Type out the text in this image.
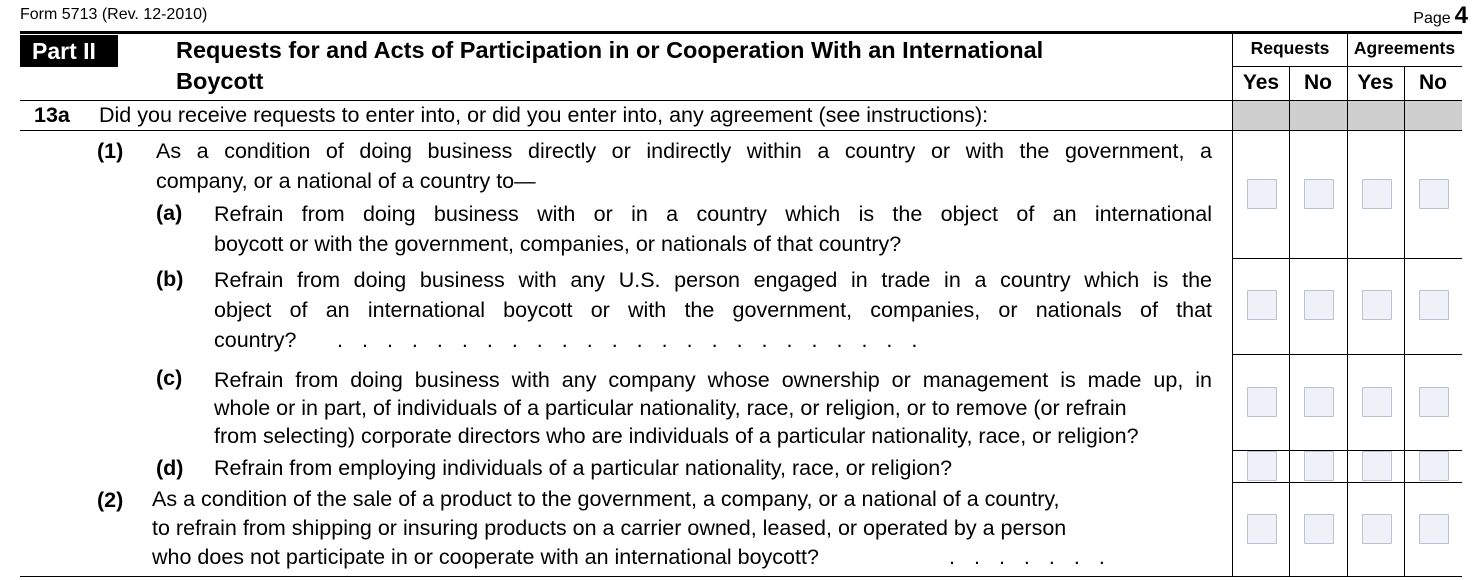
Form 5713 (Rev. 12-2010)	Page 4
Part II	Requests for and Acts of Participation in or Cooperation With an International
Boycott
Requests	Agreements
Yes	No	Yes	No
13a Did you receive requests to enter into, or did you enter into, any agreement (see instructions):
(1) As a condition of doing business directly or indirectly within a country or with the government, a
company, or a national of a country to—
(a) Refrain from doing business with or in a country which is the object of an international
boycott or with the government, companies, or nationals of that country?
(b) Refrain from doing business with any U.S. person engaged in trade in a country which is the
object of an international boycott or with the government, companies, or nationals of that
country? ........................
(c) Refrain from doing business with any company whose ownership or management is made up, in
whole or in part, of individuals of a particular nationality, race, or religion, or to remove (or refrain
from selecting) corporate directors who are individuals of a particular nationality, race, or religion?
(d) Refrain from employing individuals of a particular nationality, race, or religion?
(2) As a condition of the sale of a product to the government, a company, or a national of a country,
to refrain from shipping or insuring products on a carrier owned, leased, or operated by a person
who does not participate in or cooperate with an international boycott?	.......
